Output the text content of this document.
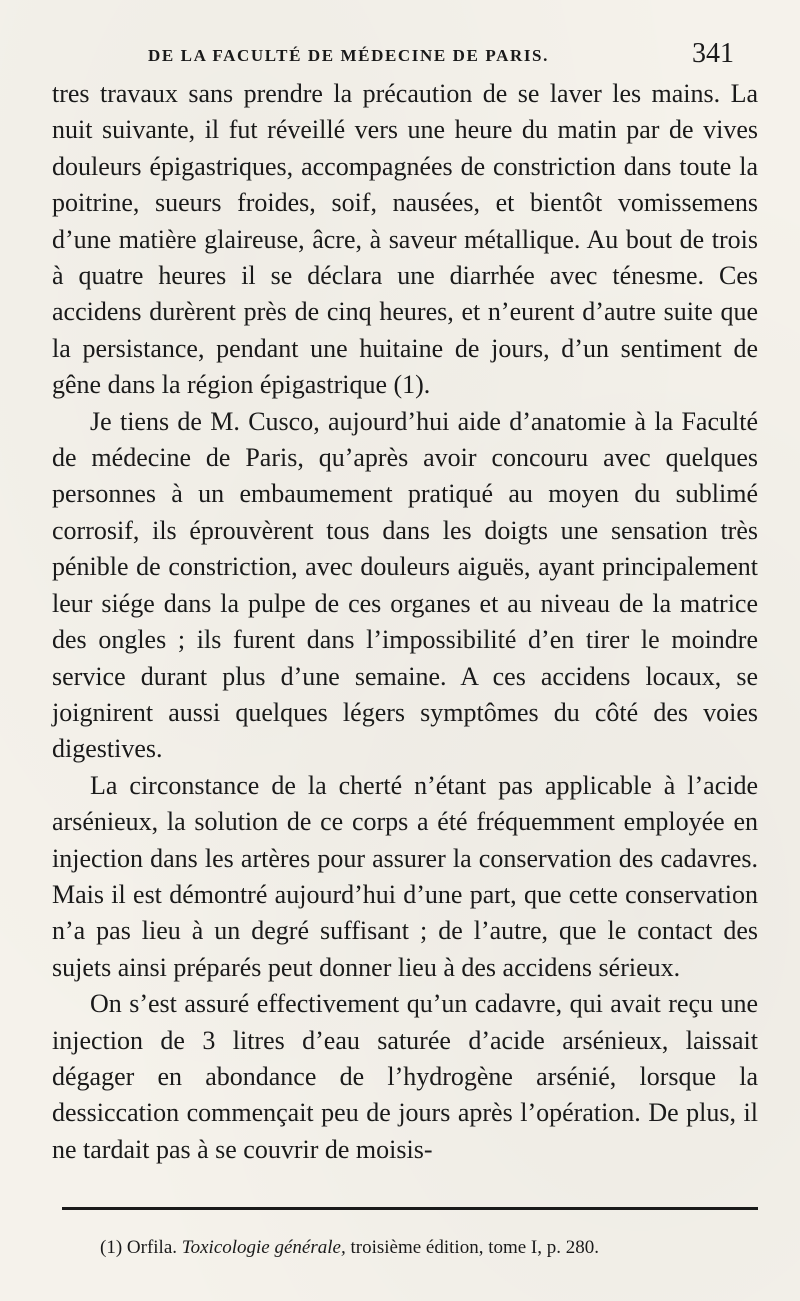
DE LA FACULTÉ DE MÉDECINE DE PARIS.	341

tres travaux sans prendre la précaution de se laver les mains. La nuit suivante, il fut réveillé vers une heure du matin par de vives douleurs épigastriques, accompagnées de constriction dans toute la poitrine, sueurs froides, soif, nausées, et bientôt vomissemens d’une matière glaireuse, âcre, à saveur métallique. Au bout de trois à quatre heures il se déclara une diarrhée avec ténesme. Ces accidens durèrent près de cinq heures, et n’eurent d’autre suite que la persistance, pendant une huitaine de jours, d’un sentiment de gêne dans la région épigastrique (1).

Je tiens de M. Cusco, aujourd’hui aide d’anatomie à la Faculté de médecine de Paris, qu’après avoir concouru avec quelques personnes à un embaumement pratiqué au moyen du sublimé corrosif, ils éprouvèrent tous dans les doigts une sensation très pénible de constriction, avec douleurs aiguës, ayant principalement leur siége dans la pulpe de ces organes et au niveau de la matrice des ongles ; ils furent dans l’impossibilité d’en tirer le moindre service durant plus d’une semaine. A ces accidens locaux, se joignirent aussi quelques légers symptômes du côté des voies digestives.

La circonstance de la cherté n’étant pas applicable à l’acide arsénieux, la solution de ce corps a été fréquemment employée en injection dans les artères pour assurer la conservation des cadavres. Mais il est démontré aujourd’hui d’une part, que cette conservation n’a pas lieu à un degré suffisant ; de l’autre, que le contact des sujets ainsi préparés peut donner lieu à des accidens sérieux.

On s’est assuré effectivement qu’un cadavre, qui avait reçu une injection de 3 litres d’eau saturée d’acide arsénieux, laissait dégager en abondance de l’hydrogène arsénié, lorsque la dessiccation commençait peu de jours après l’opération. De plus, il ne tardait pas à se couvrir de moisis-

(1) Orfila. Toxicologie générale, troisième édition, tome I, p. 280.
